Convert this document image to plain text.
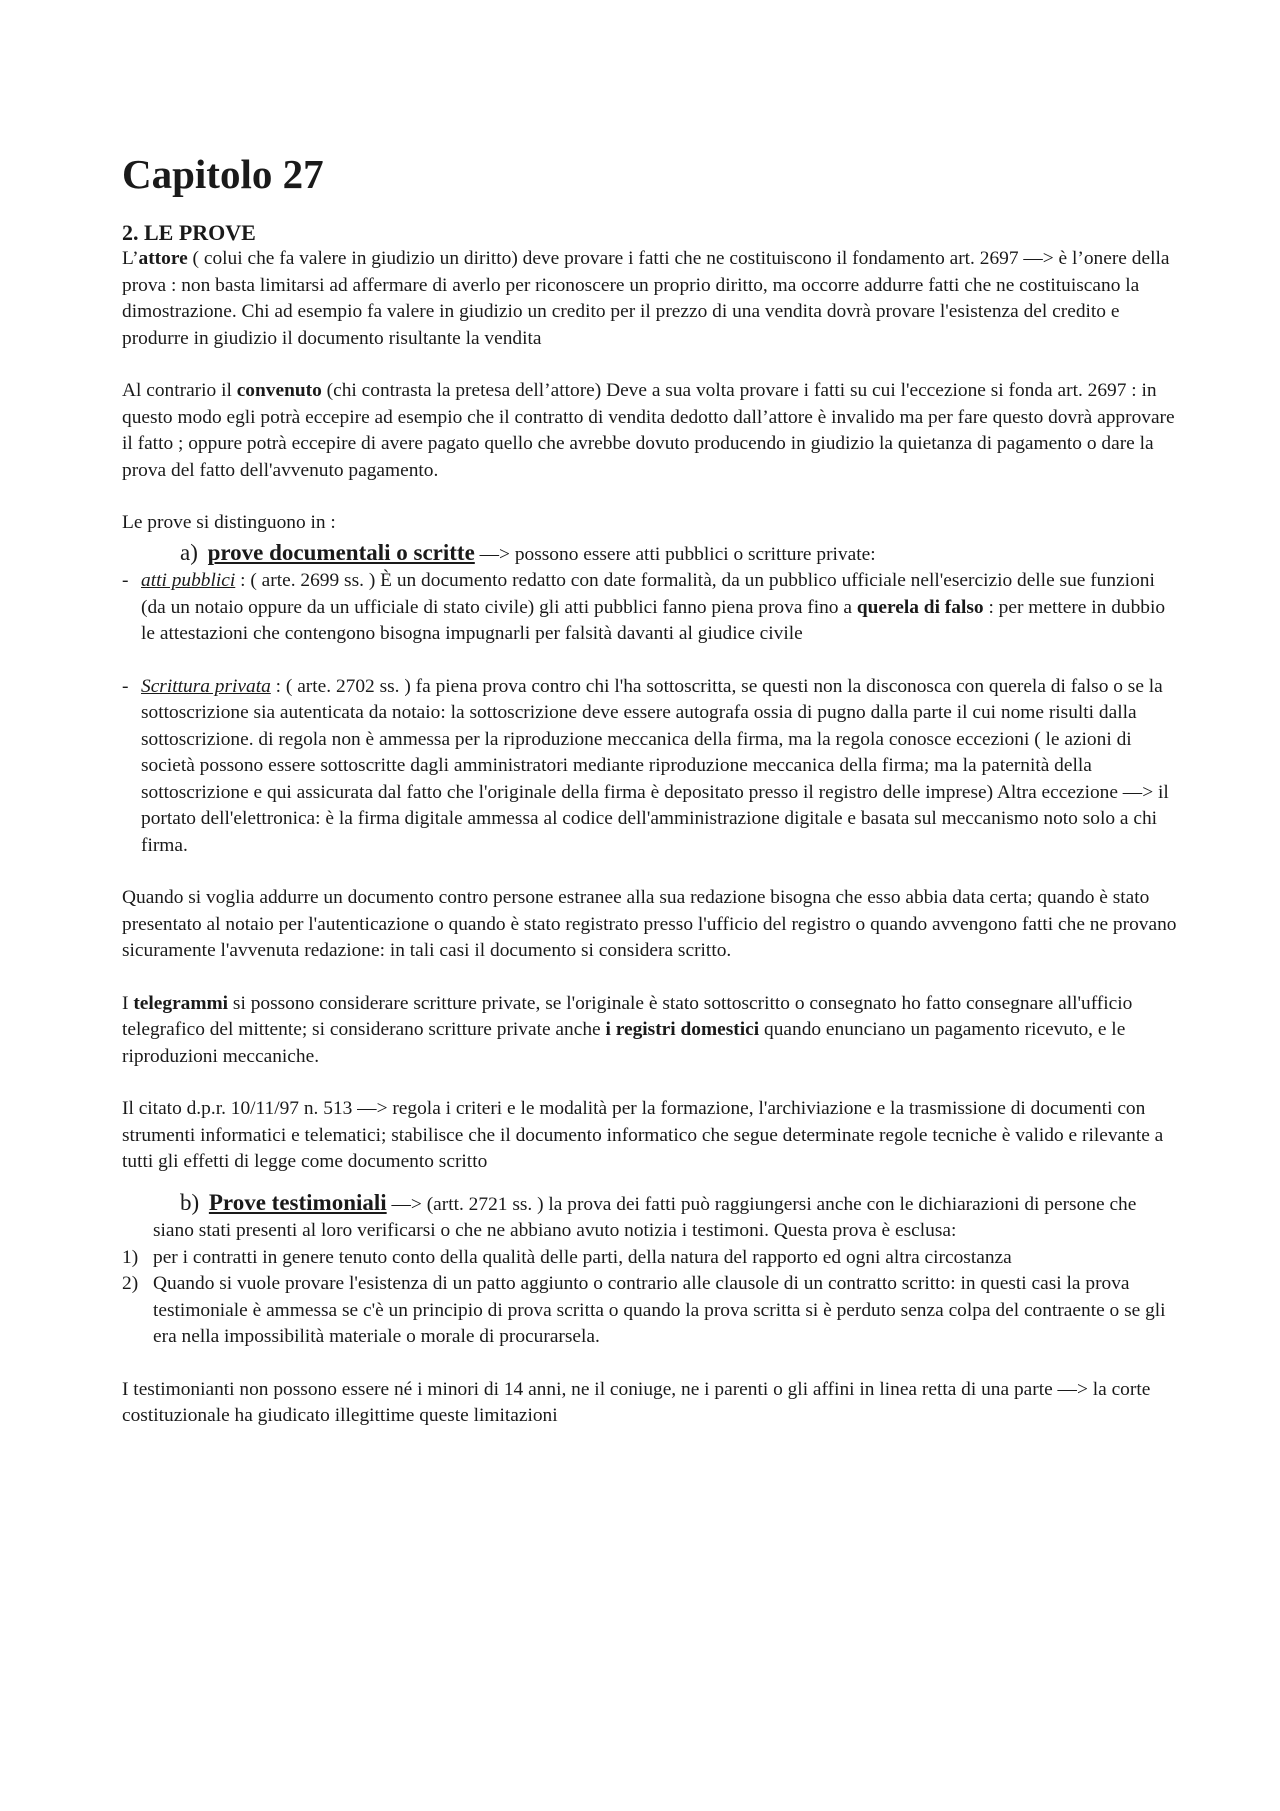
Capitolo 27
2. LE PROVE

L’attore ( colui che fa valere in giudizio un diritto) deve provare i fatti che ne costituiscono il fondamento art. 2697 —> è l’onere della prova : non basta limitarsi ad affermare di averlo per riconoscere un proprio diritto, ma occorre addurre fatti che ne costituiscano la dimostrazione. Chi ad esempio fa valere in giudizio un credito per il prezzo di una vendita dovrà provare l'esistenza del credito e produrre in giudizio il documento risultante la vendita

Al contrario il convenuto (chi contrasta la pretesa dell’attore) Deve a sua volta provare i fatti su cui l'eccezione si fonda art. 2697 : in questo modo egli potrà eccepire ad esempio che il contratto di vendita dedotto dall’attore è invalido ma per fare questo dovrà approvare il fatto ; oppure potrà eccepire di avere pagato quello che avrebbe dovuto producendo in giudizio la quietanza di pagamento o dare la prova del fatto dell'avvenuto pagamento.

Le prove si distinguono in :

a) prove documentali o scritte —> possono essere atti pubblici o scritture private:

- atti pubblici : ( arte. 2699 ss. ) È un documento redatto con date formalità, da un pubblico ufficiale nell'esercizio delle sue funzioni (da un notaio oppure da un ufficiale di stato civile) gli atti pubblici fanno piena prova fino a querela di falso : per mettere in dubbio le attestazioni che contengono bisogna impugnarli per falsità davanti al giudice civile

- Scrittura privata : ( arte. 2702 ss. ) fa piena prova contro chi l'ha sottoscritta, se questi non la disconosca con querela di falso o se la sottoscrizione sia autenticata da notaio: la sottoscrizione deve essere autografa ossia di pugno dalla parte il cui nome risulti dalla sottoscrizione. di regola non è ammessa per la riproduzione meccanica della firma, ma la regola conosce eccezioni ( le azioni di società possono essere sottoscritte dagli amministratori mediante riproduzione meccanica della firma; ma la paternità della sottoscrizione e qui assicurata dal fatto che l'originale della firma è depositato presso il registro delle imprese) Altra eccezione —> il portato dell'elettronica: è la firma digitale ammessa al codice dell'amministrazione digitale e basata sul meccanismo noto solo a chi firma.

Quando si voglia addurre un documento contro persone estranee alla sua redazione bisogna che esso abbia data certa; quando è stato presentato al notaio per l'autenticazione o quando è stato registrato presso l'ufficio del registro o quando avvengono fatti che ne provano sicuramente l'avvenuta redazione: in tali casi il documento si considera scritto.

I telegrammi si possono considerare scritture private, se l'originale è stato sottoscritto o consegnato ho fatto consegnare all'ufficio telegrafico del mittente; si considerano scritture private anche i registri domestici quando enunciano un pagamento ricevuto, e le riproduzioni meccaniche.

Il citato d.p.r. 10/11/97 n. 513 —> regola i criteri e le modalità per la formazione, l'archiviazione e la trasmissione di documenti con strumenti informatici e telematici; stabilisce che il documento informatico che segue determinate regole tecniche è valido e rilevante a tutti gli effetti di legge come documento scritto

b) Prove testimoniali —> (artt. 2721 ss. ) la prova dei fatti può raggiungersi anche con le dichiarazioni di persone che siano stati presenti al loro verificarsi o che ne abbiano avuto notizia i testimoni. Questa prova è esclusa:

1) per i contratti in genere tenuto conto della qualità delle parti, della natura del rapporto ed ogni altra circostanza

2) Quando si vuole provare l'esistenza di un patto aggiunto o contrario alle clausole di un contratto scritto: in questi casi la prova testimoniale è ammessa se c'è un principio di prova scritta o quando la prova scritta si è perduto senza colpa del contraente o se gli era nella impossibilità materiale o morale di procurarsela.

I testimonianti non possono essere né i minori di 14 anni, ne il coniuge, ne i parenti o gli affini in linea retta di una parte —> la corte costituzionale ha giudicato illegittime queste limitazioni
